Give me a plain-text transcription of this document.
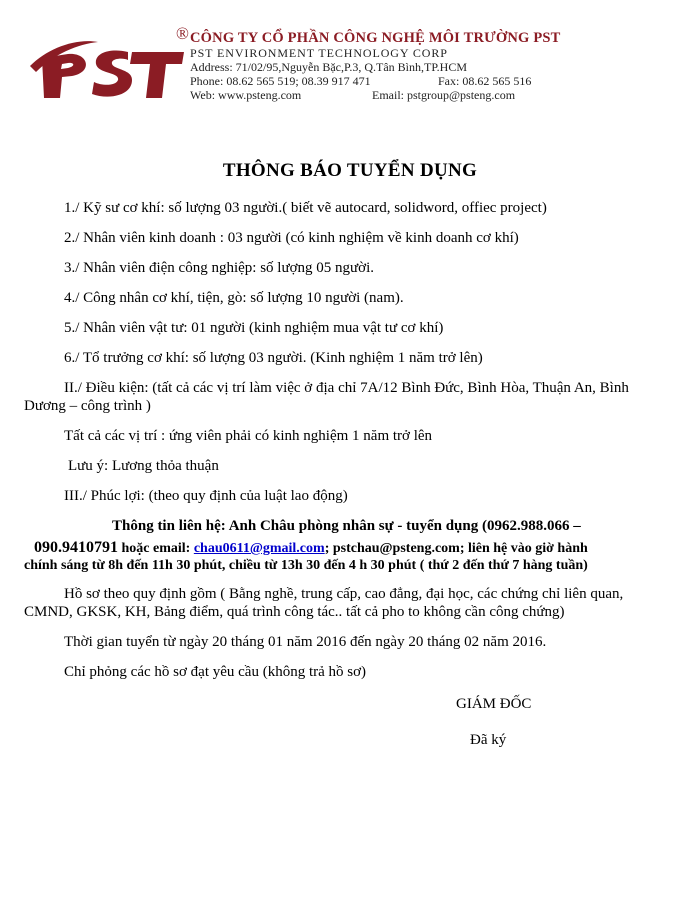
® CÔNG TY CỔ PHẦN CÔNG NGHỆ MÔI TRƯỜNG PST
PST ENVIRONMENT TECHNOLOGY CORP
Address: 71/02/95,Nguyễn Bặc,P.3, Q.Tân Bình,TP.HCM
Phone: 08.62 565 519; 08.39 917 471	Fax: 08.62 565 516
Web: www.psteng.com	Email: pstgroup@psteng.com
THÔNG BÁO TUYỂN DỤNG
1./ Kỹ sư cơ khí: số lượng 03 người.( biết vẽ autocard, solidword, offiec project)
2./ Nhân viên kinh doanh : 03 người (có kinh nghiệm về kinh doanh cơ khí)
3./ Nhân viên điện công nghiệp: số lượng 05 người.
4./ Công nhân cơ khí, tiện, gò: số lượng 10 người (nam).
5./ Nhân viên vật tư: 01 người (kinh nghiệm mua vật tư cơ khí)
6./ Tổ trưởng cơ khí: số lượng 03 người. (Kinh nghiệm 1 năm trở lên)
II./ Điều kiện: (tất cả các vị trí làm việc ở địa chỉ 7A/12 Bình Đức, Bình Hòa, Thuận An, Bình
Dương – công trình )
Tất cả các vị trí : ứng viên phải có kinh nghiệm 1 năm trở lên
Lưu ý: Lương thỏa thuận
III./ Phúc lợi: (theo quy định của luật lao động)
Thông tin liên hệ: Anh Châu phòng nhân sự - tuyển dụng (0962.988.066 –
090.9410791 hoặc email: chau0611@gmail.com; pstchau@psteng.com; liên hệ vào giờ hành
chính sáng từ 8h đến 11h 30 phút, chiều từ 13h 30 đến 4 h 30 phút ( thứ 2 đến thứ 7 hàng tuần)
Hồ sơ theo quy định gồm ( Bằng nghề, trung cấp, cao đẳng, đại học, các chứng chỉ liên quan,
CMND, GKSK, KH, Bảng điểm, quá trình công tác.. tất cả pho to không cần công chứng)
Thời gian tuyển từ ngày 20 tháng 01 năm 2016 đến ngày 20 tháng 02 năm 2016.
Chỉ phỏng các hồ sơ đạt yêu cầu (không trả hồ sơ)
GIÁM ĐỐC
Đã ký
